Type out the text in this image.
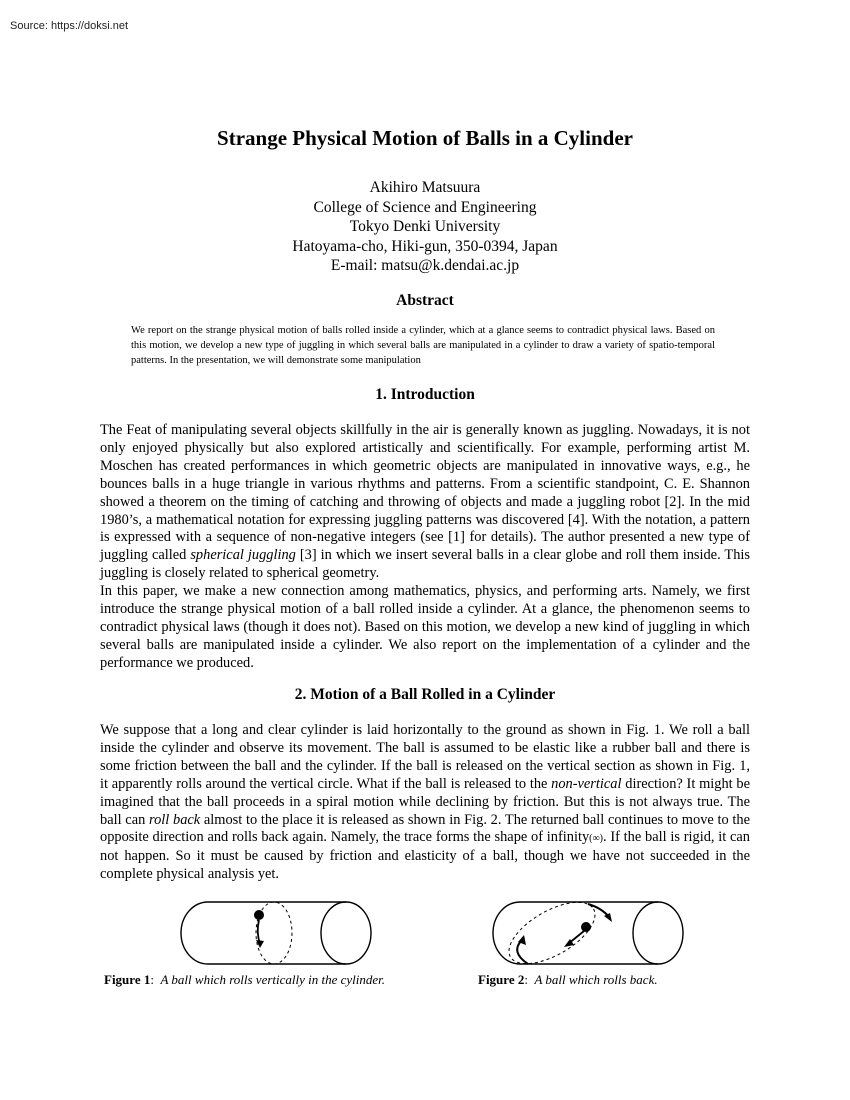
Source: https://doksi.net
Strange Physical Motion of Balls in a Cylinder
Akihiro Matsuura
College of Science and Engineering
Tokyo Denki University
Hatoyama-cho, Hiki-gun, 350-0394, Japan
E-mail: matsu@k.dendai.ac.jp
Abstract

We report on the strange physical motion of balls rolled inside a cylinder, which at a glance seems to contradict physical laws. Based on this motion, we develop a new type of juggling in which several balls are manipulated in a cylinder to draw a variety of spatio-temporal patterns. In the presentation, we will demonstrate some manipulation

1. Introduction

The Feat of manipulating several objects skillfully in the air is generally known as juggling. Nowadays, it is not only enjoyed physically but also explored artistically and scientifically. For example, performing artist M. Moschen has created performances in which geometric objects are manipulated in innovative ways, e.g., he bounces balls in a huge triangle in various rhythms and patterns. From a scientific standpoint, C. E. Shannon showed a theorem on the timing of catching and throwing of objects and made a juggling robot [2]. In the mid 1980’s, a mathematical notation for expressing juggling patterns was discovered [4]. With the notation, a pattern is expressed with a sequence of non-negative integers (see [1] for details). The author presented a new type of juggling called spherical juggling [3] in which we insert several balls in a clear globe and roll them inside. This juggling is closely related to spherical geometry.

In this paper, we make a new connection among mathematics, physics, and performing arts. Namely, we first introduce the strange physical motion of a ball rolled inside a cylinder. At a glance, the phenomenon seems to contradict physical laws (though it does not). Based on this motion, we develop a new kind of juggling in which several balls are manipulated inside a cylinder. We also report on the implementation of a cylinder and the performance we produced.

2. Motion of a Ball Rolled in a Cylinder

We suppose that a long and clear cylinder is laid horizontally to the ground as shown in Fig. 1. We roll a ball inside the cylinder and observe its movement. The ball is assumed to be elastic like a rubber ball and there is some friction between the ball and the cylinder. If the ball is released on the vertical section as shown in Fig. 1, it apparently rolls around the vertical circle. What if the ball is released to the non-vertical direction? It might be imagined that the ball proceeds in a spiral motion while declining by friction. But this is not always true. The ball can roll back almost to the place it is released as shown in Fig. 2. The returned ball continues to move to the opposite direction and rolls back again. Namely, the trace forms the shape of infinity(∞). If the ball is rigid, it can not happen. So it must be caused by friction and elasticity of a ball, though we have not succeeded in the complete physical analysis yet.

Figure 1:  A ball which rolls vertically in the cylinder.	Figure 2:  A ball which rolls back.
